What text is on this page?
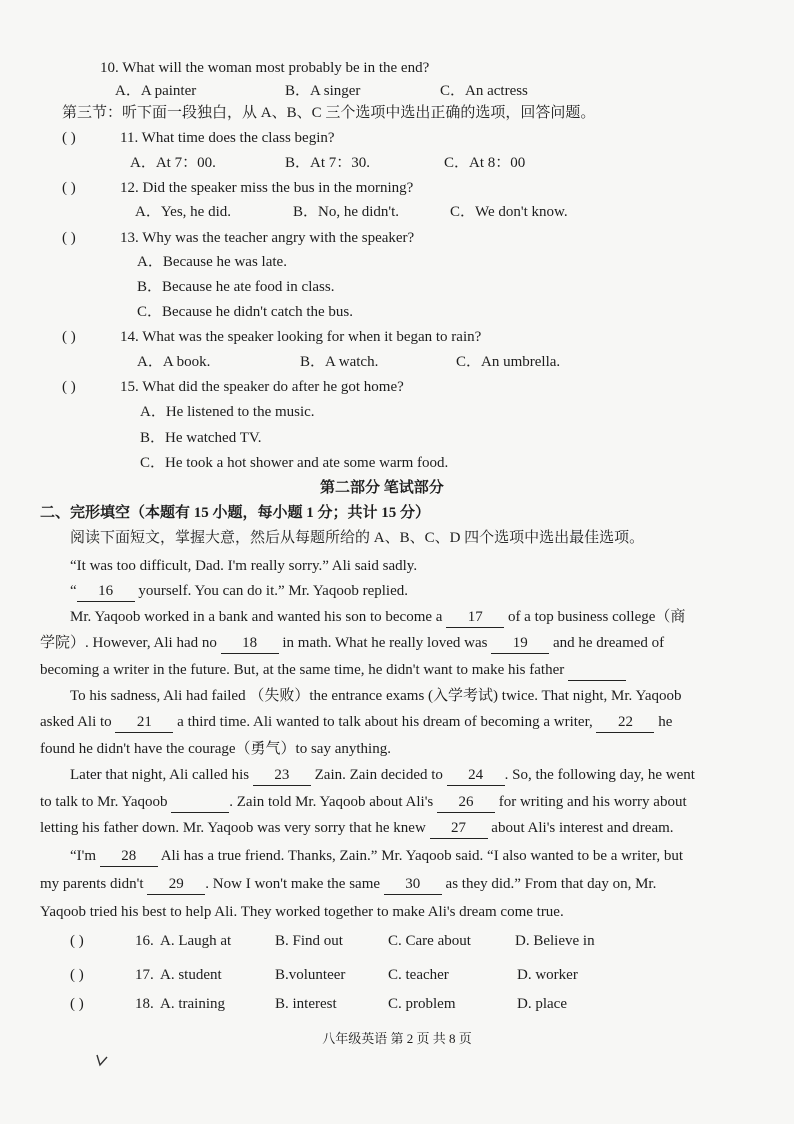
10. What will the woman most probably be in the end?
A．A painter	B．A singer	C．An actress
第三节：听下面一段独白，从 A、B、C 三个选项中选出正确的选项，回答问题。
( )	11. What time does the class begin?
A．At 7：00.	B．At 7：30.	C．At 8：00
( )	12. Did the speaker miss the bus in the morning?
A．Yes, he did.	B．No, he didn't.	C．We don't know.
( )	13. Why was the teacher angry with the speaker?
A．Because he was late.
B．Because he ate food in class.
C．Because he didn't catch the bus.
( )	14. What was the speaker looking for when it began to rain?
A．A book.	B．A watch.	C．An umbrella.
( )	15. What did the speaker do after he got home?
A．He listened to the music.
B．He watched TV.
C．He took a hot shower and ate some warm food.
第二部分 笔试部分
二、完形填空（本题有 15 小题，每小题 1 分；共计 15 分）
阅读下面短文，掌握大意，然后从每题所给的 A、B、C、D 四个选项中选出最佳选项。
“It was too difficult, Dad. I'm really sorry.” Ali said sadly.
“ 16 yourself. You can do it.” Mr. Yaqoob replied.
Mr. Yaqoob worked in a bank and wanted his son to become a 17 of a top business college（商
学院）. However, Ali had no 18 in math. What he really loved was 19 and he dreamed of
becoming a writer in the future. But, at the same time, he didn't want to make his father
To his sadness, Ali had failed （失败）the entrance exams (入学考试) twice. That night, Mr. Yaqoob
asked Ali to 21 a third time. Ali wanted to talk about his dream of becoming a writer, 22 he
found he didn't have the courage（勇气）to say anything.
Later that night, Ali called his 23 Zain. Zain decided to 24 . So, the following day, he went
to talk to Mr. Yaqoob	. Zain told Mr. Yaqoob about Ali's 26 for writing and his worry about
letting his father down. Mr. Yaqoob was very sorry that he knew 27 about Ali's interest and dream.
“I'm 28 Ali has a true friend. Thanks, Zain.” Mr. Yaqoob said. “I also wanted to be a writer, but
my parents didn't 29 . Now I won't make the same 30 as they did.” From that day on, Mr.
Yaqoob tried his best to help Ali. They worked together to make Ali's dream come true.
( )	16. A. Laugh at	B. Find out	C. Care about	D. Believe in
( )	17. A. student	B.volunteer	C. teacher	D. worker
( )	18. A. training	B. interest	C. problem	D. place
八年级英语 第 2 页 共 8 页
